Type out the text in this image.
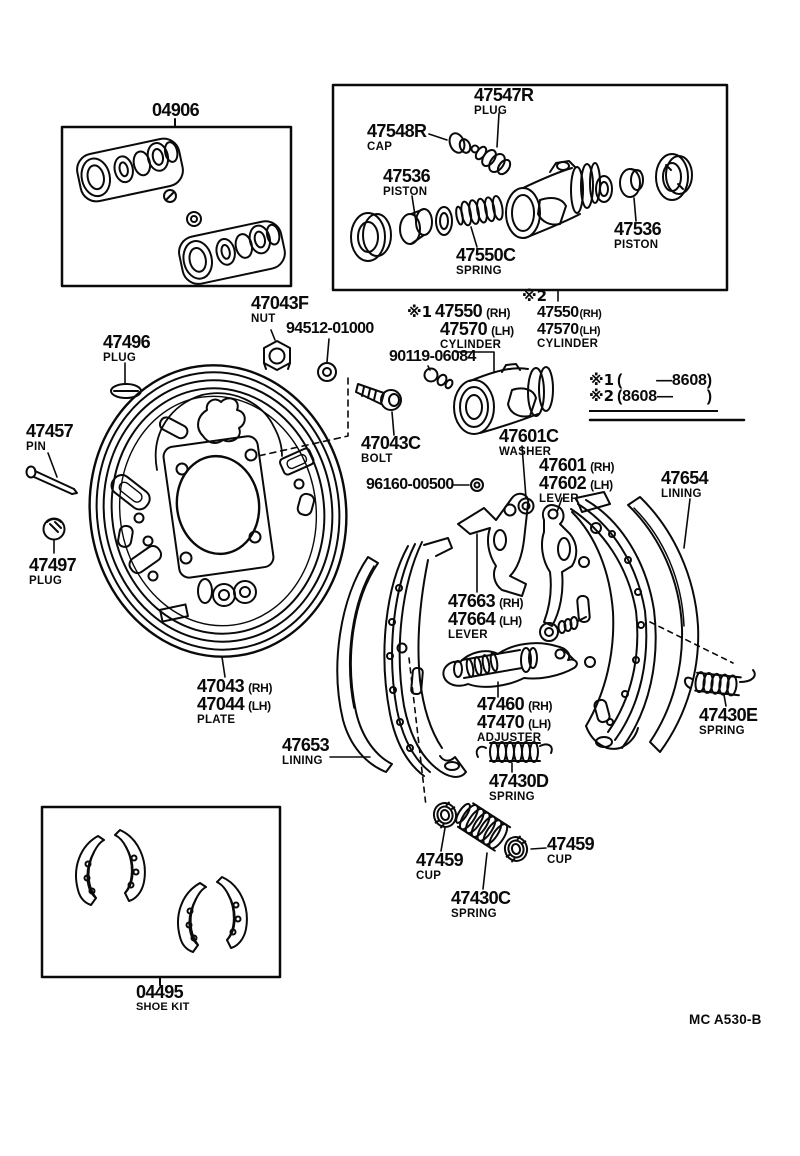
04906
47547R
PLUG
47548R
CAP
47536
PISTON
47550C
SPRING
47536
PISTON
※1 47550 (RH)
47570 (LH)
CYLINDER
※2
47550 (RH)
47570 (LH)
CYLINDER
※1 (        —8608)
※2 (8608—        )
47043F
NUT
94512-01000
47496
PLUG	90119-06084
47457
PIN	47043C
BOLT
47601C
WASHER
47601 (RH)
47602 (LH)
LEVER
96160-00500	47654
LINING
47497
PLUG
47663 (RH)
47664 (LH)
LEVER
47043 (RH)
47044 (LH)
PLATE
47653
LINING
47460 (RH)
47470 (LH)
ADJUSTER
47430E
SPRING
47430D
SPRING
47459
CUP
47459
CUP
47430C
SPRING
04495
SHOE KIT
MC A530-B
